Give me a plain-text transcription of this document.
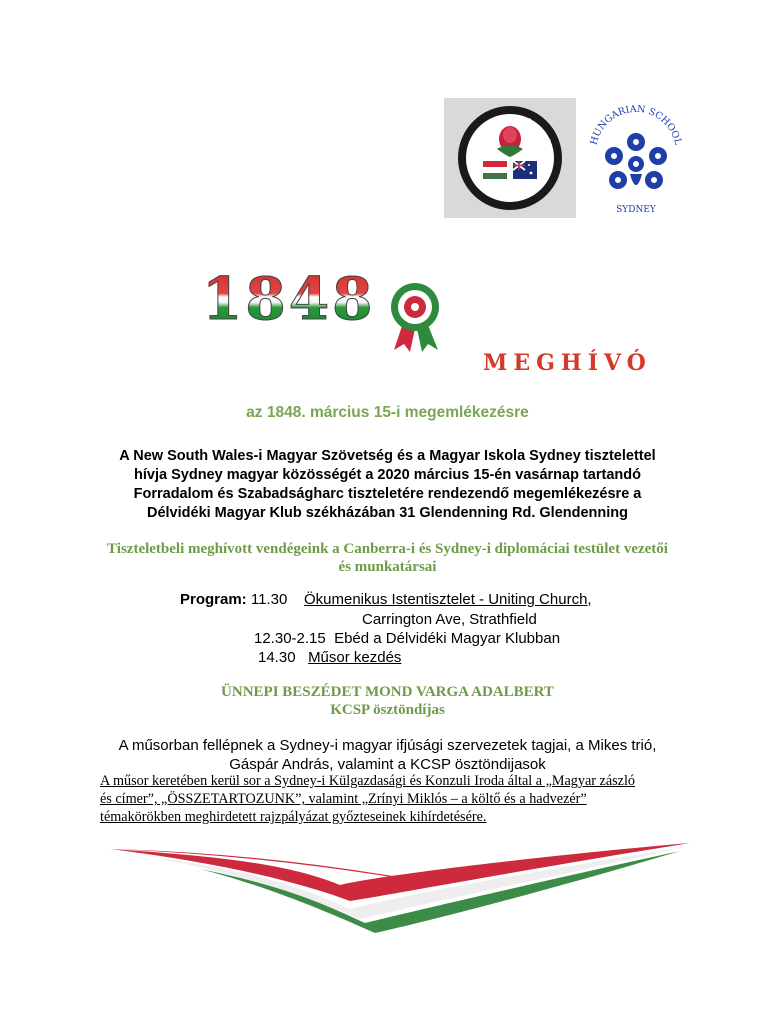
NEW MAGYAR SZÖVETSÉG
HUNGARIAN COUNCIL OF NSW INC
HUNGARIAN SCHOOL
SYDNEY
1848
MEGHÍVÓ
az 1848. március 15-i megemlékezésre
A New South Wales-i Magyar Szövetség és a Magyar Iskola Sydney tisztelettel
hívja Sydney magyar közösségét a 2020 március 15-én vasárnap tartandó
Forradalom és Szabadságharc tiszteletére rendezendő megemlékezésre a
Délvidéki Magyar Klub székházában 31 Glendenning Rd. Glendenning
Tiszteletbeli meghívott vendégeink a Canberra-i és Sydney-i diplomáciai testület vezetői
és munkatársai
Program: 11.30 Ökumenikus Istentisztelet - Uniting Church,
Carrington Ave, Strathfield
12.30-2.15 Ebéd a Délvidéki Magyar Klubban
14.30 Műsor kezdés
ÜNNEPI BESZÉDET MOND VARGA ADALBERT
KCSP ösztöndíjas
A műsorban fellépnek a Sydney-i magyar ifjúsági szervezetek tagjai, a Mikes trió,
Gáspár András, valamint a KCSP ösztöndijasok
A műsor keretében kerül sor a Sydney-i Külgazdasági és Konzuli Iroda által a „Magyar zászló
és címer”, „ÖSSZETARTOZUNK”, valamint „Zrínyi Miklós – a költő és a hadvezér”
témakörökben meghirdetett rajzpályázat győzteseinek kihírdetésére.
